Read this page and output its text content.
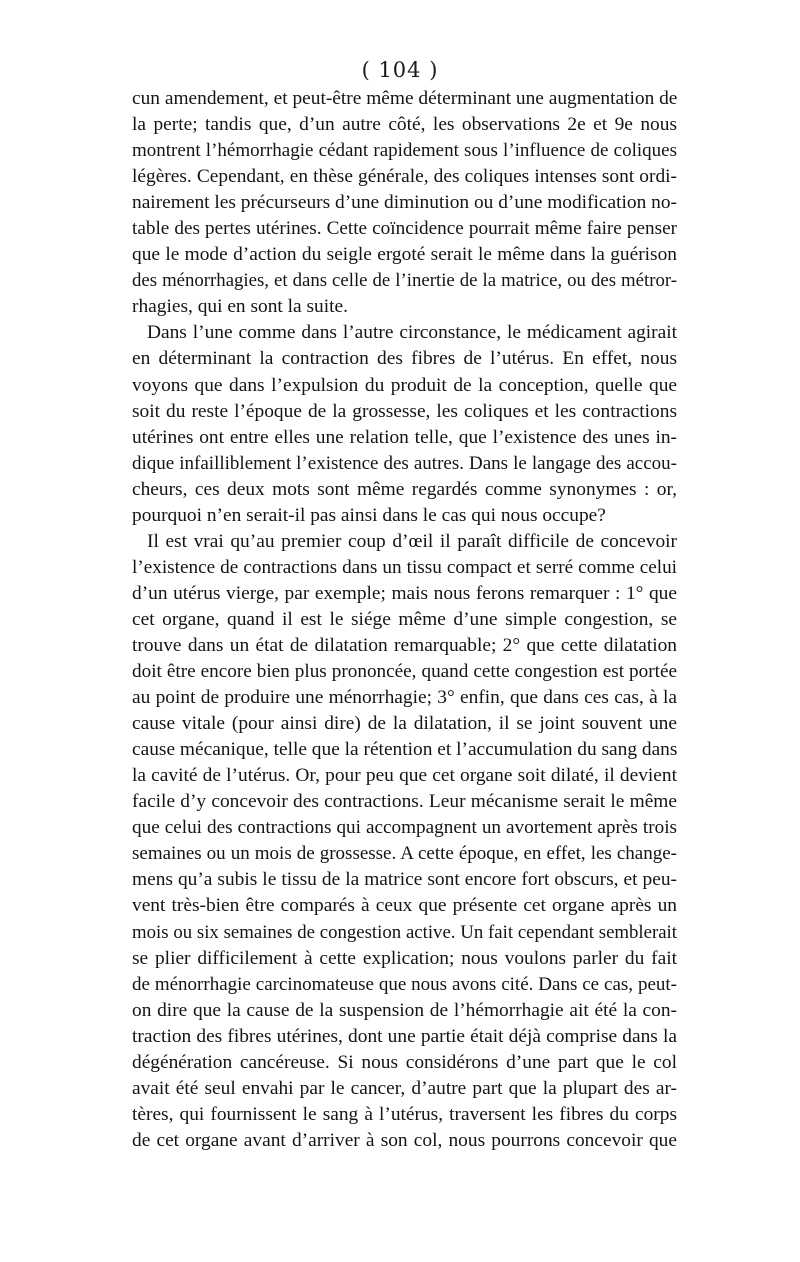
( 104 )
cun amendement, et peut-être même déterminant une augmentation de
la perte; tandis que, d’un autre côté, les observations 2e et 9e nous
montrent l’hémorrhagie cédant rapidement sous l’influence de coliques
légères. Cependant, en thèse générale, des coliques intenses sont ordi-
nairement les précurseurs d’une diminution ou d’une modification no-
table des pertes utérines. Cette coïncidence pourrait même faire penser
que le mode d’action du seigle ergoté serait le même dans la guérison
des ménorrhagies, et dans celle de l’inertie de la matrice, ou des métror-
rhagies, qui en sont la suite.
Dans l’une comme dans l’autre circonstance, le médicament agirait
en déterminant la contraction des fibres de l’utérus. En effet, nous
voyons que dans l’expulsion du produit de la conception, quelle que
soit du reste l’époque de la grossesse, les coliques et les contractions
utérines ont entre elles une relation telle, que l’existence des unes in-
dique infailliblement l’existence des autres. Dans le langage des accou-
cheurs, ces deux mots sont même regardés comme synonymes : or,
pourquoi n’en serait-il pas ainsi dans le cas qui nous occupe?
Il est vrai qu’au premier coup d’œil il paraît difficile de concevoir
l’existence de contractions dans un tissu compact et serré comme celui
d’un utérus vierge, par exemple; mais nous ferons remarquer : 1° que
cet organe, quand il est le siége même d’une simple congestion, se
trouve dans un état de dilatation remarquable; 2° que cette dilatation
doit être encore bien plus prononcée, quand cette congestion est portée
au point de produire une ménorrhagie; 3° enfin, que dans ces cas, à la
cause vitale (pour ainsi dire) de la dilatation, il se joint souvent une
cause mécanique, telle que la rétention et l’accumulation du sang dans
la cavité de l’utérus. Or, pour peu que cet organe soit dilaté, il devient
facile d’y concevoir des contractions. Leur mécanisme serait le même
que celui des contractions qui accompagnent un avortement après trois
semaines ou un mois de grossesse. A cette époque, en effet, les change-
mens qu’a subis le tissu de la matrice sont encore fort obscurs, et peu-
vent très-bien être comparés à ceux que présente cet organe après un
mois ou six semaines de congestion active. Un fait cependant semblerait
se plier difficilement à cette explication; nous voulons parler du fait
de ménorrhagie carcinomateuse que nous avons cité. Dans ce cas, peut-
on dire que la cause de la suspension de l’hémorrhagie ait été la con-
traction des fibres utérines, dont une partie était déjà comprise dans la
dégénération cancéreuse. Si nous considérons d’une part que le col
avait été seul envahi par le cancer, d’autre part que la plupart des ar-
tères, qui fournissent le sang à l’utérus, traversent les fibres du corps
de cet organe avant d’arriver à son col, nous pourrons concevoir que
